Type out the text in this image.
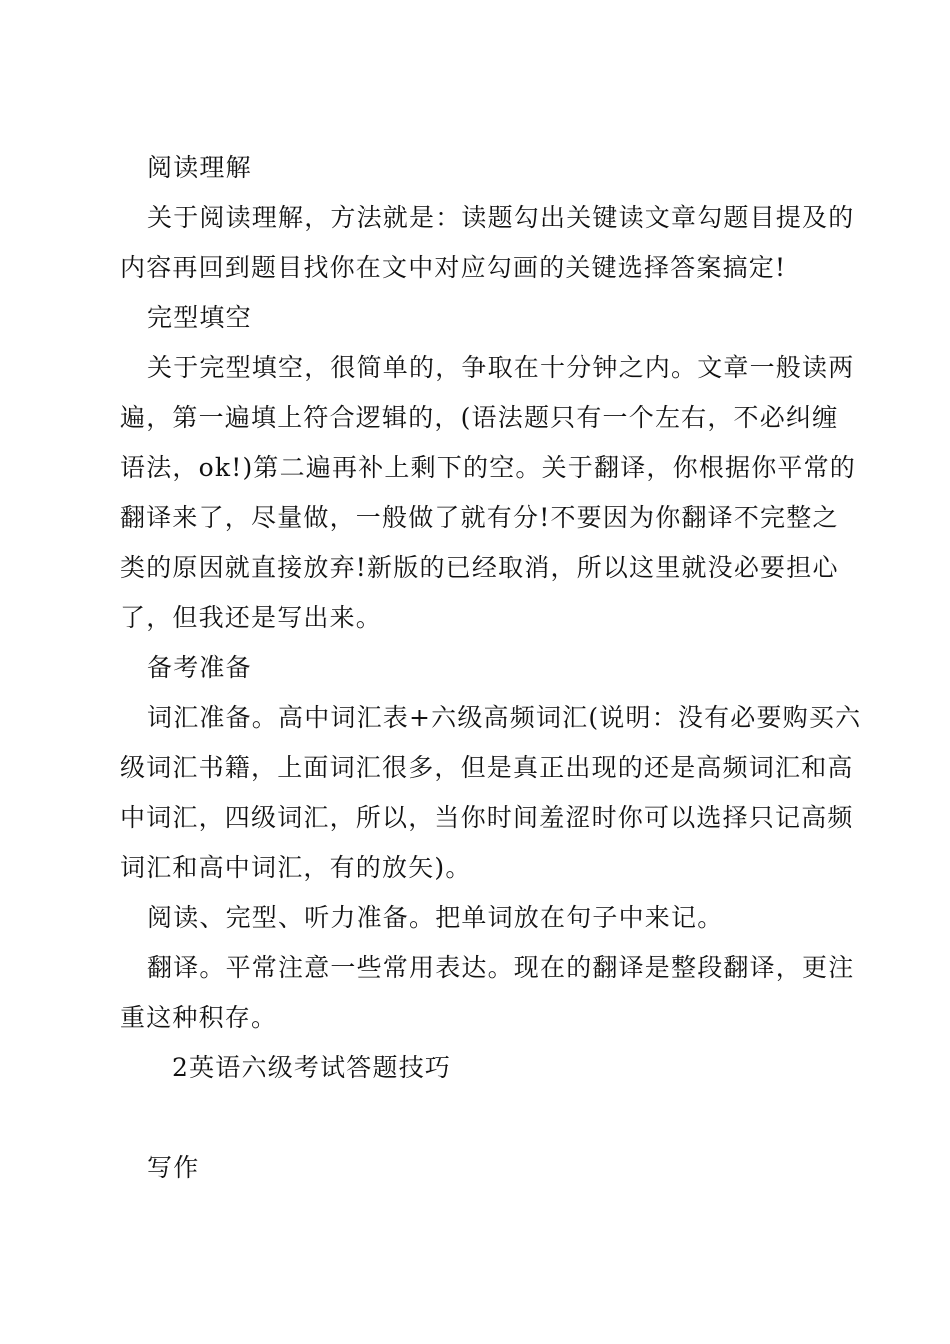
阅读理解
关于阅读理解，方法就是：读题勾出关键读文章勾题目提及的
内容再回到题目找你在文中对应勾画的关键选择答案搞定!
完型填空
关于完型填空，很简单的，争取在十分钟之内。文章一般读两
遍，第一遍填上符合逻辑的，(语法题只有一个左右，不必纠缠
语法，ok!)第二遍再补上剩下的空。关于翻译，你根据你平常的
翻译来了，尽量做，一般做了就有分!不要因为你翻译不完整之
类的原因就直接放弃!新版的已经取消，所以这里就没必要担心
了，但我还是写出来。
备考准备
词汇准备。高中词汇表+六级高频词汇(说明：没有必要购买六
级词汇书籍，上面词汇很多，但是真正出现的还是高频词汇和高
中词汇，四级词汇，所以，当你时间羞涩时你可以选择只记高频
词汇和高中词汇，有的放矢)。
阅读、完型、听力准备。把单词放在句子中来记。
翻译。平常注意一些常用表达。现在的翻译是整段翻译，更注
重这种积存。
2英语六级考试答题技巧
写作
